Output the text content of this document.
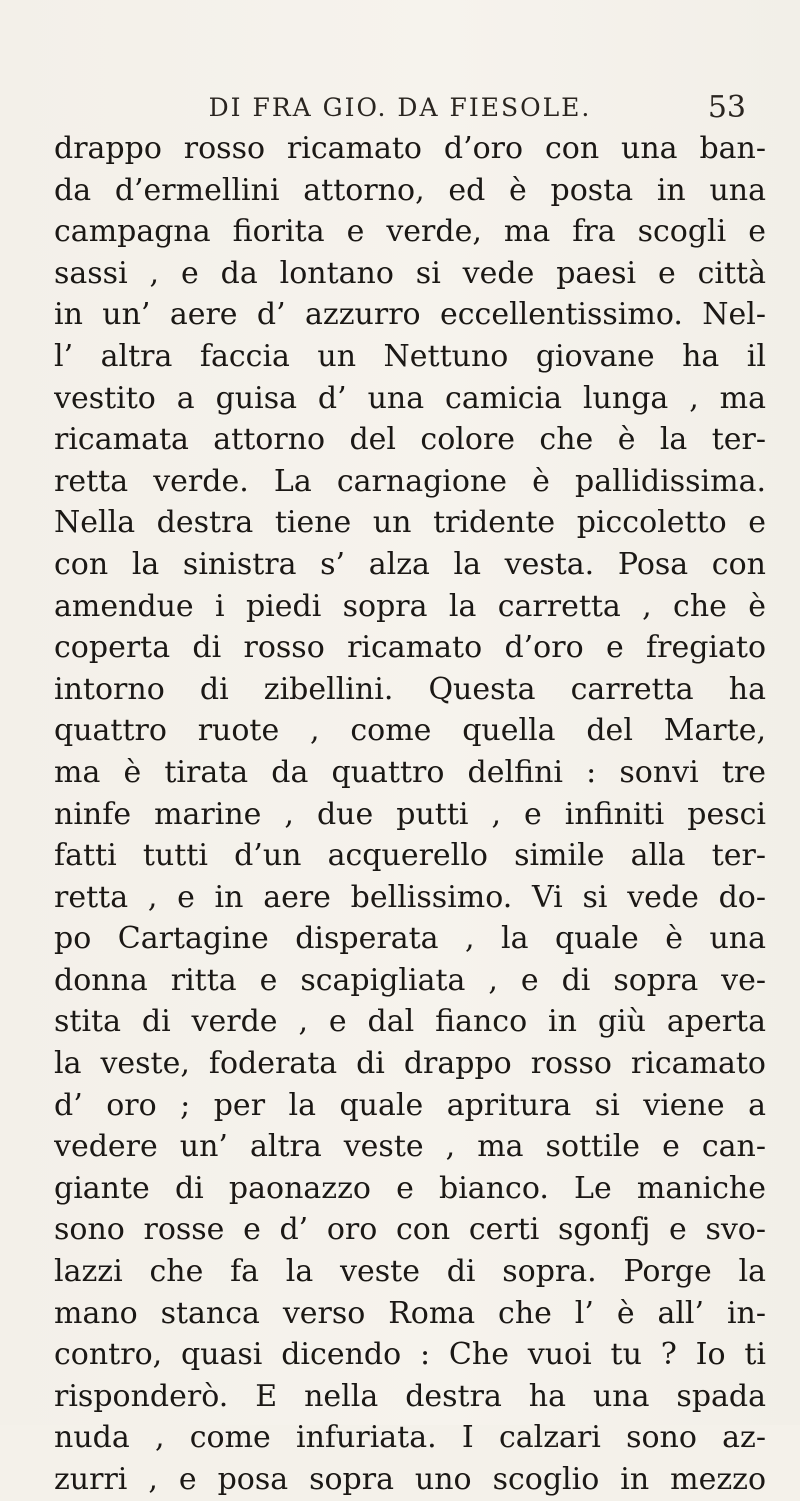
DI FRA GIO. DA FIESOLE.	53
drappo rosso ricamato d’oro con una ban-
da d’ermellini attorno, ed è posta in una
campagna fiorita e verde, ma fra scogli e
sassi , e da lontano si vede paesi e città
in un’ aere d’ azzurro eccellentissimo. Nel-
l’ altra faccia un Nettuno giovane ha il
vestito a guisa d’ una camicia lunga , ma
ricamata attorno del colore che è la ter-
retta verde. La carnagione è pallidissima.
Nella destra tiene un tridente piccoletto e
con la sinistra s’ alza la vesta. Posa con
amendue i piedi sopra la carretta , che è
coperta di rosso ricamato d’oro e fregiato
intorno di zibellini. Questa carretta ha
quattro ruote , come quella del Marte,
ma è tirata da quattro delfini : sonvi tre
ninfe marine , due putti , e infiniti pesci
fatti tutti d’un acquerello simile alla ter-
retta , e in aere bellissimo. Vi si vede do-
po Cartagine disperata , la quale è una
donna ritta e scapigliata , e di sopra ve-
stita di verde , e dal fianco in giù aperta
la veste, foderata di drappo rosso ricamato
d’ oro ; per la quale apritura si viene a
vedere un’ altra veste , ma sottile e can-
giante di paonazzo e bianco. Le maniche
sono rosse e d’ oro con certi sgonfj e svo-
lazzi che fa la veste di sopra. Porge la
mano stanca verso Roma che l’ è all’ in-
contro, quasi dicendo : Che vuoi tu ? Io ti
risponderò. E nella destra ha una spada
nuda , come infuriata. I calzari sono az-
zurri , e posa sopra uno scoglio in mezzo
